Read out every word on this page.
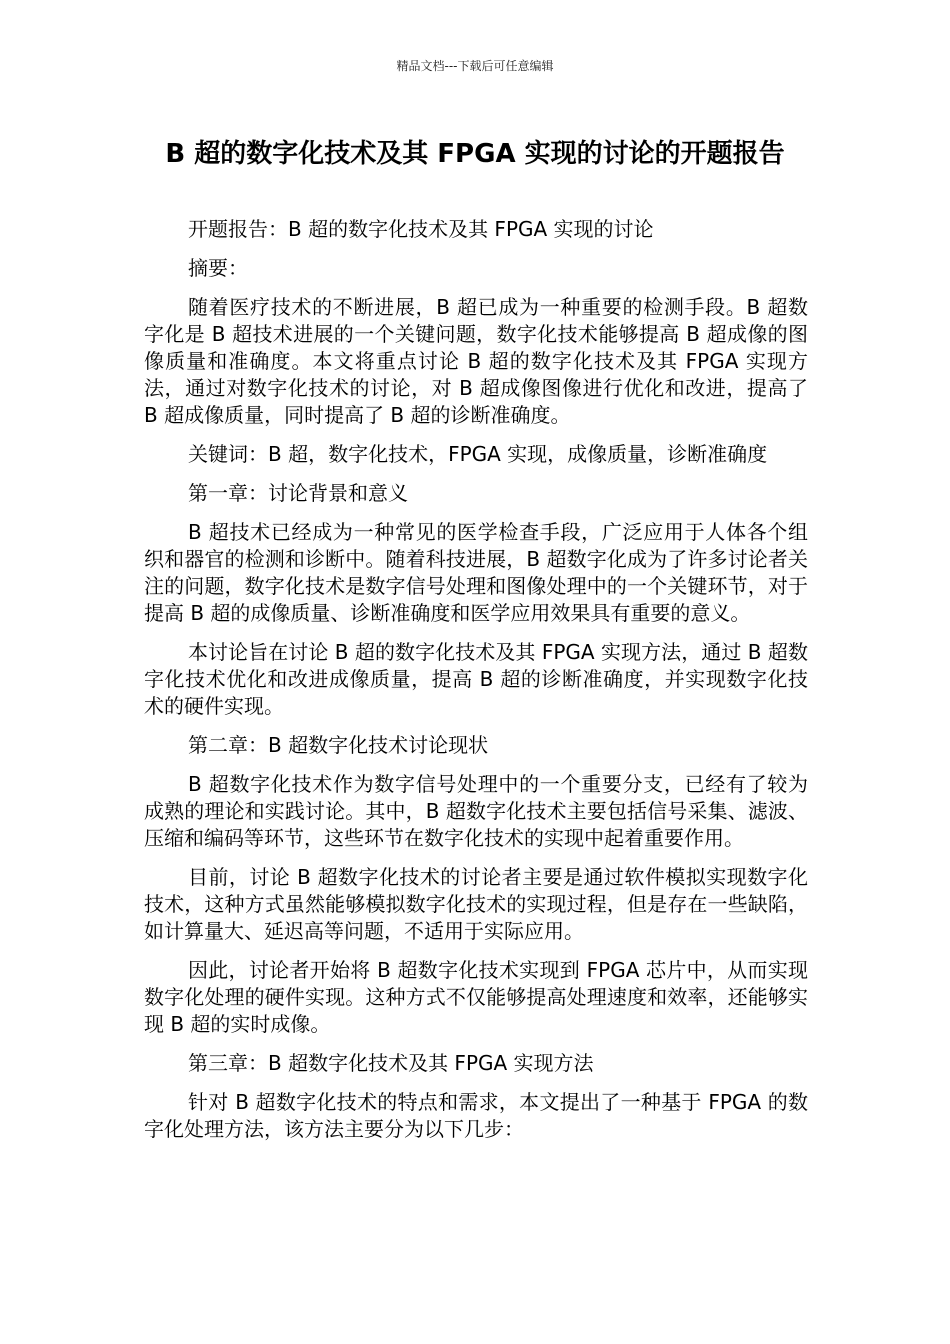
精品文档---下载后可任意编辑
B 超的数字化技术及其 FPGA 实现的讨论的开题报告

开题报告：B 超的数字化技术及其 FPGA 实现的讨论

摘要：

随着医疗技术的不断进展，B 超已成为一种重要的检测手段。B 超数字化是 B 超技术进展的一个关键问题，数字化技术能够提高 B 超成像的图像质量和准确度。本文将重点讨论 B 超的数字化技术及其 FPGA 实现方法，通过对数字化技术的讨论，对 B 超成像图像进行优化和改进，提高了 B 超成像质量，同时提高了 B 超的诊断准确度。

关键词：B 超，数字化技术，FPGA 实现，成像质量，诊断准确度

第一章：讨论背景和意义

B 超技术已经成为一种常见的医学检查手段，广泛应用于人体各个组织和器官的检测和诊断中。随着科技进展，B 超数字化成为了许多讨论者关注的问题，数字化技术是数字信号处理和图像处理中的一个关键环节，对于提高 B 超的成像质量、诊断准确度和医学应用效果具有重要的意义。

本讨论旨在讨论 B 超的数字化技术及其 FPGA 实现方法，通过 B 超数字化技术优化和改进成像质量，提高 B 超的诊断准确度，并实现数字化技术的硬件实现。

第二章：B 超数字化技术讨论现状

B 超数字化技术作为数字信号处理中的一个重要分支，已经有了较为成熟的理论和实践讨论。其中，B 超数字化技术主要包括信号采集、滤波、压缩和编码等环节，这些环节在数字化技术的实现中起着重要作用。

目前，讨论 B 超数字化技术的讨论者主要是通过软件模拟实现数字化技术，这种方式虽然能够模拟数字化技术的实现过程，但是存在一些缺陷，如计算量大、延迟高等问题，不适用于实际应用。

因此，讨论者开始将 B 超数字化技术实现到 FPGA 芯片中，从而实现数字化处理的硬件实现。这种方式不仅能够提高处理速度和效率，还能够实现 B 超的实时成像。

第三章：B 超数字化技术及其 FPGA 实现方法

针对 B 超数字化技术的特点和需求，本文提出了一种基于 FPGA 的数字化处理方法，该方法主要分为以下几步：
